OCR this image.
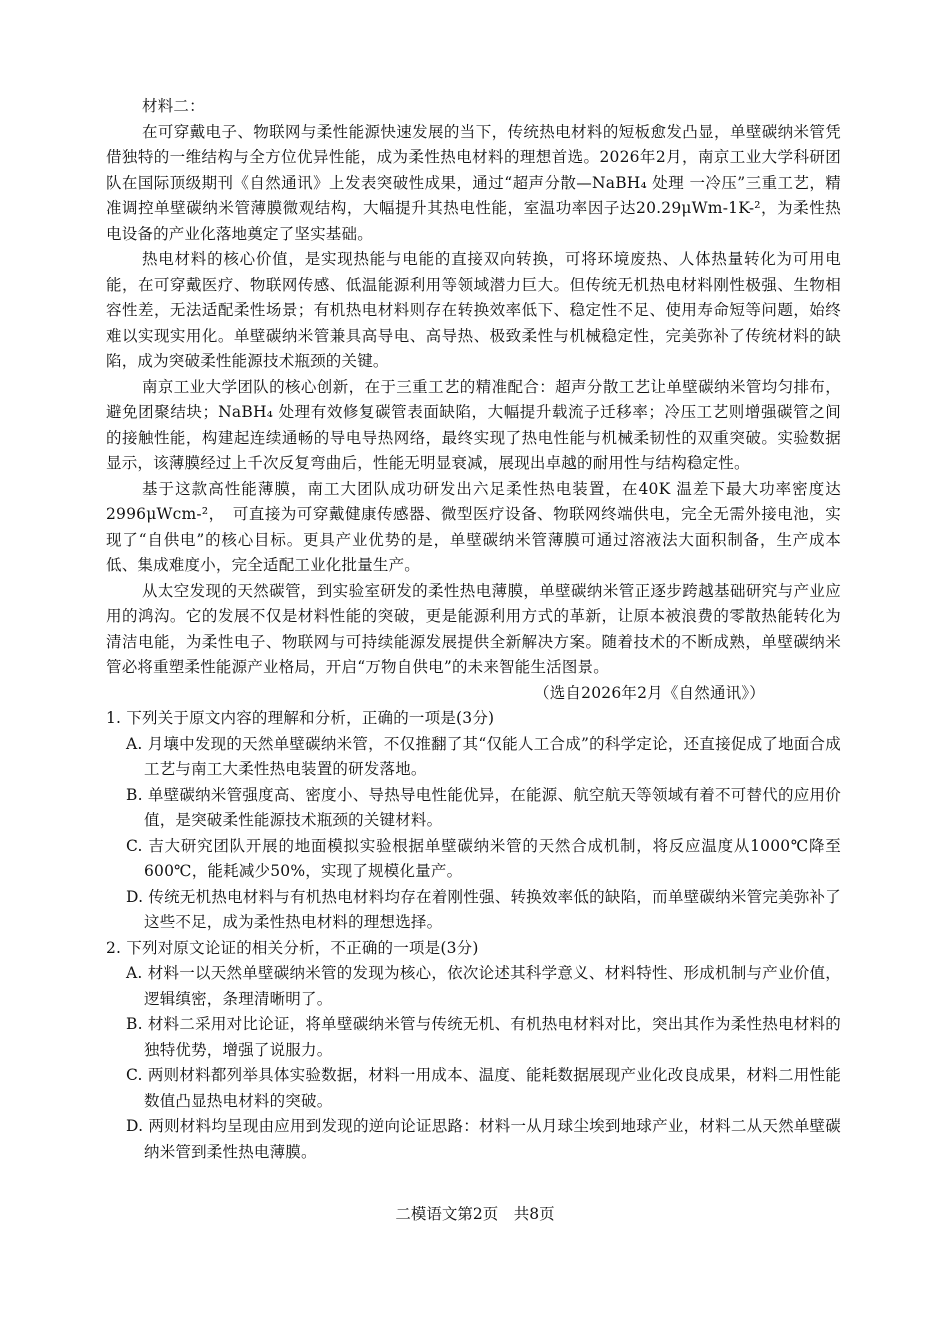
材料二：

在可穿戴电子、物联网与柔性能源快速发展的当下，传统热电材料的短板愈发凸显，单壁碳纳米管凭借独特的一维结构与全方位优异性能，成为柔性热电材料的理想首选。2026年2月，南京工业大学科研团队在国际顶级期刊《自然通讯》上发表突破性成果，通过“超声分散—NaBH₄ 处理 一冷压”三重工艺，精准调控单壁碳纳米管薄膜微观结构，大幅提升其热电性能，室温功率因子达20.29μWm-1K-²，为柔性热电设备的产业化落地奠定了坚实基础。

热电材料的核心价值，是实现热能与电能的直接双向转换，可将环境废热、人体热量转化为可用电能，在可穿戴医疗、物联网传感、低温能源利用等领域潜力巨大。但传统无机热电材料刚性极强、生物相容性差，无法适配柔性场景；有机热电材料则存在转换效率低下、稳定性不足、使用寿命短等问题，始终难以实现实用化。单壁碳纳米管兼具高导电、高导热、极致柔性与机械稳定性，完美弥补了传统材料的缺陷，成为突破柔性能源技术瓶颈的关键。

南京工业大学团队的核心创新，在于三重工艺的精准配合：超声分散工艺让单壁碳纳米管均匀排布，避免团聚结块；NaBH₄ 处理有效修复碳管表面缺陷，大幅提升载流子迁移率；冷压工艺则增强碳管之间的接触性能，构建起连续通畅的导电导热网络，最终实现了热电性能与机械柔韧性的双重突破。实验数据显示，该薄膜经过上千次反复弯曲后，性能无明显衰减，展现出卓越的耐用性与结构稳定性。

基于这款高性能薄膜，南工大团队成功研发出六足柔性热电装置，在40K 温差下最大功率密度达2996μWcm-²，　可直接为可穿戴健康传感器、微型医疗设备、物联网终端供电，完全无需外接电池，实现了“自供电”的核心目标。更具产业优势的是，单壁碳纳米管薄膜可通过溶液法大面积制备，生产成本低、集成难度小，完全适配工业化批量生产。

从太空发现的天然碳管，到实验室研发的柔性热电薄膜，单壁碳纳米管正逐步跨越基础研究与产业应用的鸿沟。它的发展不仅是材料性能的突破，更是能源利用方式的革新，让原本被浪费的零散热能转化为清洁电能，为柔性电子、物联网与可持续能源发展提供全新解决方案。随着技术的不断成熟，单壁碳纳米管必将重塑柔性能源产业格局，开启“万物自供电”的未来智能生活图景。

（选自2026年2月《自然通讯》）

1. 下列关于原文内容的理解和分析，正确的一项是(3分)

A. 月壤中发现的天然单壁碳纳米管，不仅推翻了其“仅能人工合成”的科学定论，还直接促成了地面合成工艺与南工大柔性热电装置的研发落地。

B. 单壁碳纳米管强度高、密度小、导热导电性能优异，在能源、航空航天等领域有着不可替代的应用价值，是突破柔性能源技术瓶颈的关键材料。

C. 吉大研究团队开展的地面模拟实验根据单壁碳纳米管的天然合成机制，将反应温度从1000℃降至600℃，能耗减少50%，实现了规模化量产。

D. 传统无机热电材料与有机热电材料均存在着刚性强、转换效率低的缺陷，而单壁碳纳米管完美弥补了这些不足，成为柔性热电材料的理想选择。

2. 下列对原文论证的相关分析，不正确的一项是(3分)

A. 材料一以天然单壁碳纳米管的发现为核心，依次论述其科学意义、材料特性、形成机制与产业价值，逻辑缜密，条理清晰明了。

B. 材料二采用对比论证，将单壁碳纳米管与传统无机、有机热电材料对比，突出其作为柔性热电材料的独特优势，增强了说服力。

C. 两则材料都列举具体实验数据，材料一用成本、温度、能耗数据展现产业化改良成果，材料二用性能数值凸显热电材料的突破。

D. 两则材料均呈现由应用到发现的逆向论证思路：材料一从月球尘埃到地球产业，材料二从天然单壁碳纳米管到柔性热电薄膜。

二模语文第2页　共8页
